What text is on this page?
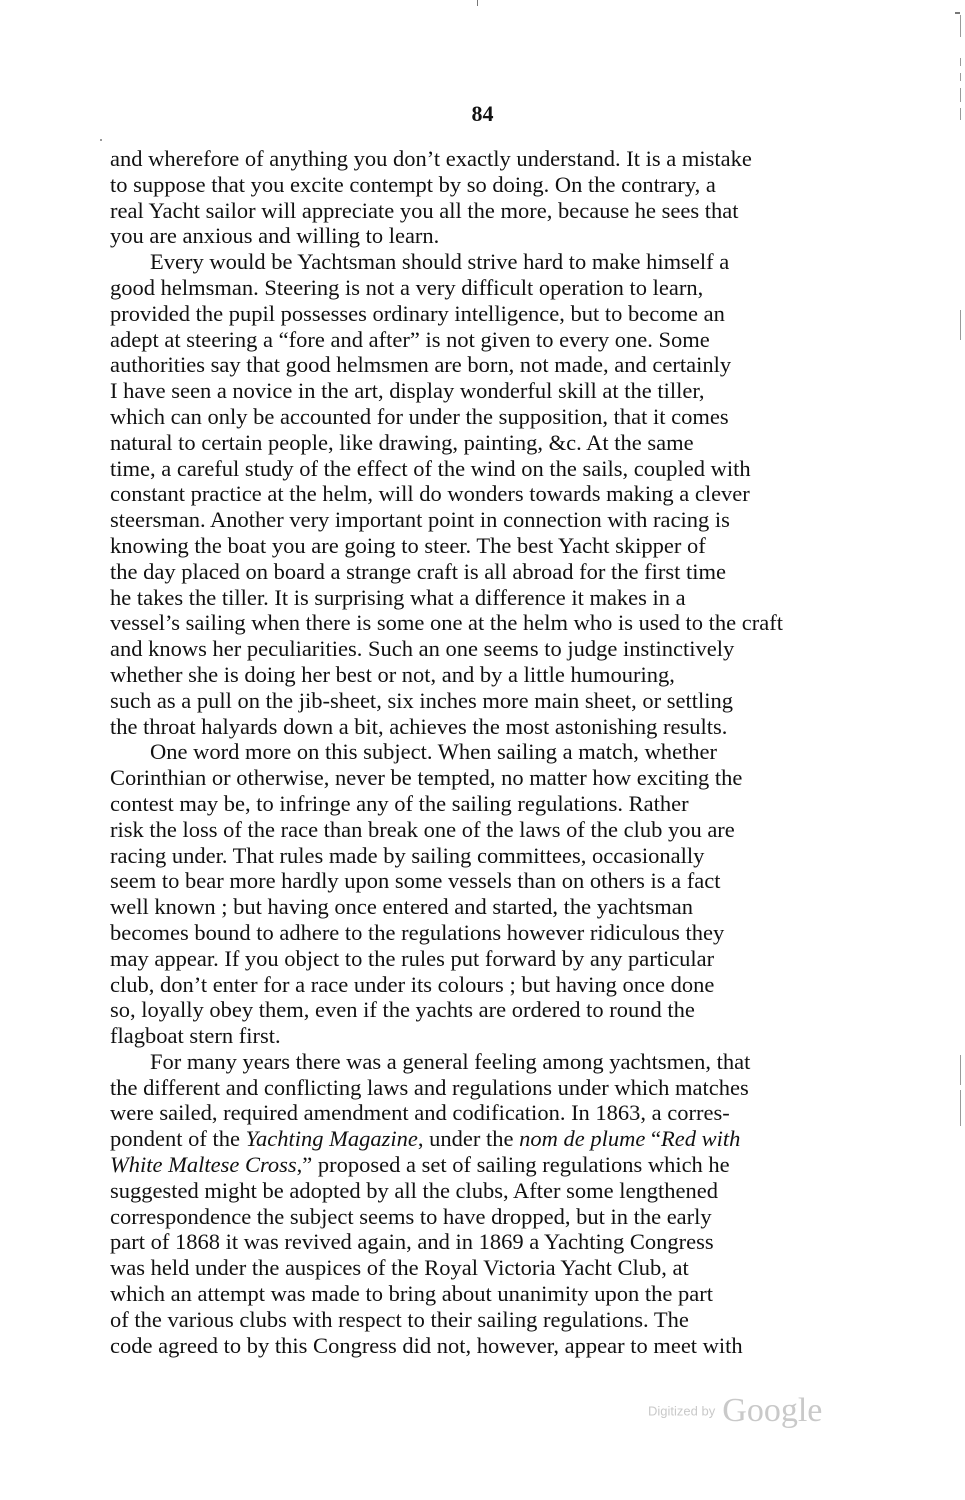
84
and wherefore of anything you don’t exactly understand. It is a mistake
to suppose that you excite contempt by so doing. On the contrary, a
real Yacht sailor will appreciate you all the more, because he sees that
you are anxious and willing to learn.
Every would be Yachtsman should strive hard to make himself a
good helmsman. Steering is not a very difficult operation to learn,
provided the pupil possesses ordinary intelligence, but to become an
adept at steering a “fore and after” is not given to every one. Some
authorities say that good helmsmen are born, not made, and certainly
I have seen a novice in the art, display wonderful skill at the tiller,
which can only be accounted for under the supposition, that it comes
natural to certain people, like drawing, painting, &c. At the same
time, a careful study of the effect of the wind on the sails, coupled with
constant practice at the helm, will do wonders towards making a clever
steersman. Another very important point in connection with racing is
knowing the boat you are going to steer. The best Yacht skipper of
the day placed on board a strange craft is all abroad for the first time
he takes the tiller. It is surprising what a difference it makes in a
vessel’s sailing when there is some one at the helm who is used to the craft
and knows her peculiarities. Such an one seems to judge instinctively
whether she is doing her best or not, and by a little humouring,
such as a pull on the jib-sheet, six inches more main sheet, or settling
the throat halyards down a bit, achieves the most astonishing results.
One word more on this subject. When sailing a match, whether
Corinthian or otherwise, never be tempted, no matter how exciting the
contest may be, to infringe any of the sailing regulations. Rather
risk the loss of the race than break one of the laws of the club you are
racing under. That rules made by sailing committees, occasionally
seem to bear more hardly upon some vessels than on others is a fact
well known ; but having once entered and started, the yachtsman
becomes bound to adhere to the regulations however ridiculous they
may appear. If you object to the rules put forward by any particular
club, don’t enter for a race under its colours ; but having once done
so, loyally obey them, even if the yachts are ordered to round the
flagboat stern first.
For many years there was a general feeling among yachtsmen, that
the different and conflicting laws and regulations under which matches
were sailed, required amendment and codification. In 1863, a corres-
pondent of the Yachting Magazine, under the nom de plume “Red with
White Maltese Cross,” proposed a set of sailing regulations which he
suggested might be adopted by all the clubs, After some lengthened
correspondence the subject seems to have dropped, but in the early
part of 1868 it was revived again, and in 1869 a Yachting Congress
was held under the auspices of the Royal Victoria Yacht Club, at
which an attempt was made to bring about unanimity upon the part
of the various clubs with respect to their sailing regulations. The
code agreed to by this Congress did not, however, appear to meet with
Digitized by Google
